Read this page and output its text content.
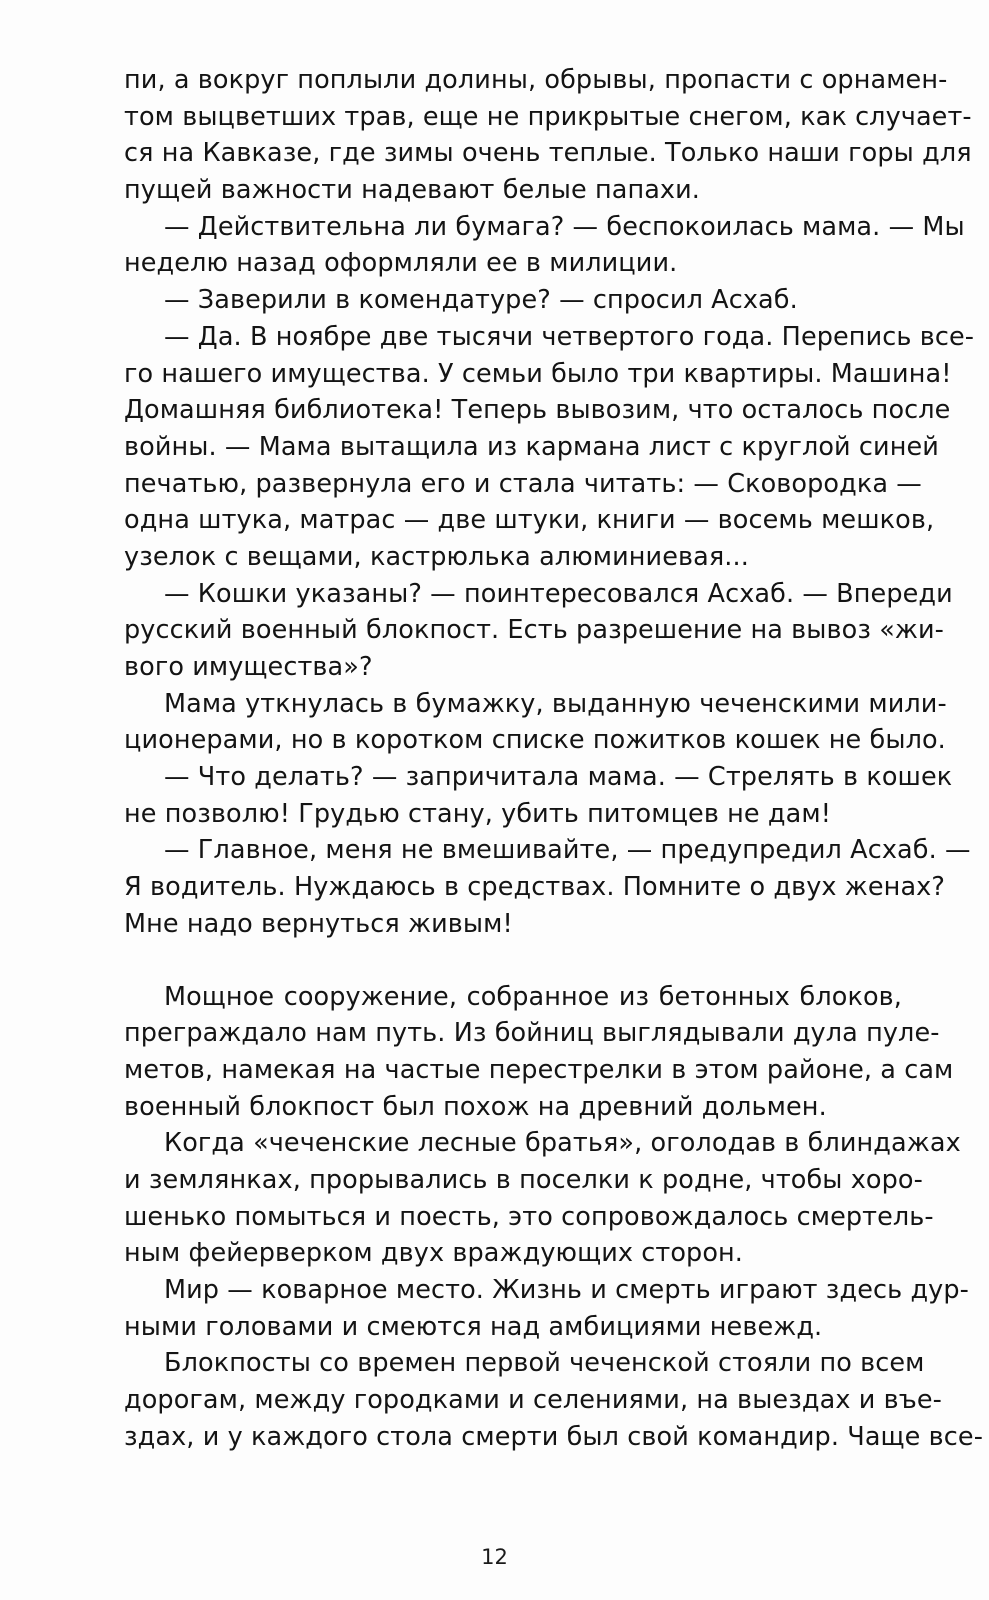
пи, а вокруг поплыли долины, обрывы, пропасти с орнамен-
том выцветших трав, еще не прикрытые снегом, как случает-
ся на Кавказе, где зимы очень теплые. Только наши горы для
пущей важности надевают белые папахи.
— Действительна ли бумага? — беспокоилась мама. — Мы
неделю назад оформляли ее в милиции.
— Заверили в комендатуре? — спросил Асхаб.
— Да. В ноябре две тысячи четвертого года. Перепись все-
го нашего имущества. У семьи было три квартиры. Машина!
Домашняя библиотека! Теперь вывозим, что осталось после
войны. — Мама вытащила из кармана лист с круглой синей
печатью, развернула его и стала читать: — Сковородка —
одна штука, матрас — две штуки, книги — восемь мешков,
узелок с вещами, кастрюлька алюминиевая...
— Кошки указаны? — поинтересовался Асхаб. — Впереди
русский военный блокпост. Есть разрешение на вывоз «жи-
вого имущества»?
Мама уткнулась в бумажку, выданную чеченскими мили-
ционерами, но в коротком списке пожитков кошек не было.
— Что делать? — запричитала мама. — Стрелять в кошек
не позволю! Грудью стану, убить питомцев не дам!
— Главное, меня не вмешивайте, — предупредил Асхаб. —
Я водитель. Нуждаюсь в средствах. Помните о двух женах?
Мне надо вернуться живым!
Мощное сооружение, собранное из бетонных блоков,
преграждало нам путь. Из бойниц выглядывали дула пуле-
метов, намекая на частые перестрелки в этом районе, а сам
военный блокпост был похож на древний дольмен.
Когда «чеченские лесные братья», оголодав в блиндажах
и землянках, прорывались в поселки к родне, чтобы хоро-
шенько помыться и поесть, это сопровождалось смертель-
ным фейерверком двух враждующих сторон.
Мир — коварное место. Жизнь и смерть играют здесь дур-
ными головами и смеются над амбициями невежд.
Блокпосты со времен первой чеченской стояли по всем
дорогам, между городками и селениями, на выездах и въе-
здах, и у каждого стола смерти был свой командир. Чаще все-
12
